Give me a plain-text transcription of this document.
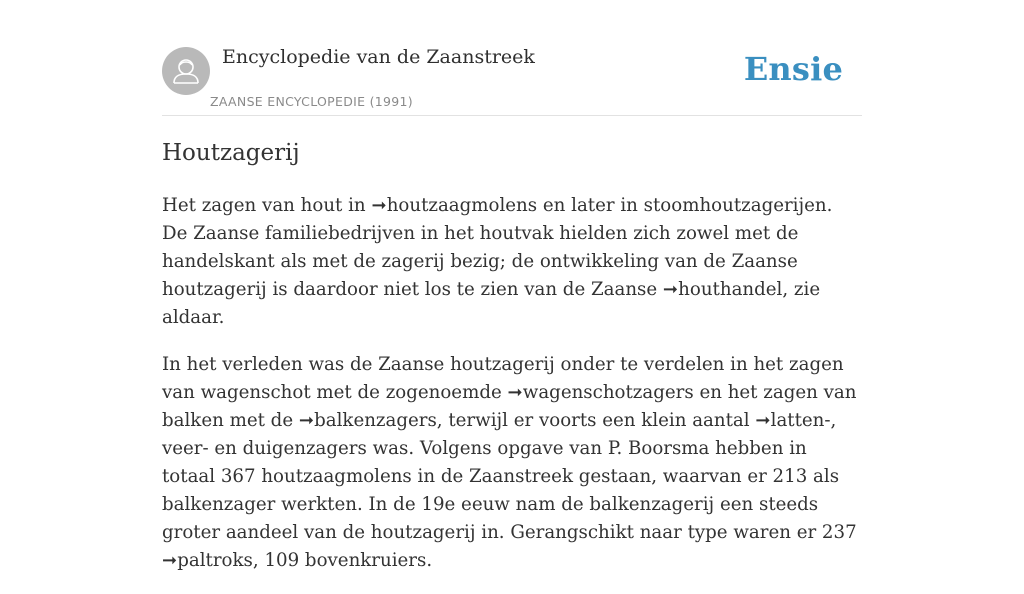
Encyclopedie van de Zaanstreek
ZAANSE ENCYCLOPEDIE (1991)
Ensie
Houtzagerij

Het zagen van hout in ➞houtzaagmolens en later in stoomhoutzagerijen. De Zaanse familiebedrijven in het houtvak hielden zich zowel met de handelskant als met de zagerij bezig; de ontwikkeling van de Zaanse houtzagerij is daardoor niet los te zien van de Zaanse ➞houthandel, zie aldaar.

In het verleden was de Zaanse houtzagerij onder te verdelen in het zagen van wagenschot met de zogenoemde ➞wagenschotzagers en het zagen van balken met de ➞balkenzagers, terwijl er voorts een klein aantal ➞latten-, veer- en duigenzagers was. Volgens opgave van P. Boorsma hebben in totaal 367 houtzaagmolens in de Zaanstreek gestaan, waarvan er 213 als balkenzager werkten. In de 19e eeuw nam de balkenzagerij een steeds groter aandeel van de houtzagerij in. Gerangschikt naar type waren er 237 ➞paltroks, 109 bovenkruiers.
